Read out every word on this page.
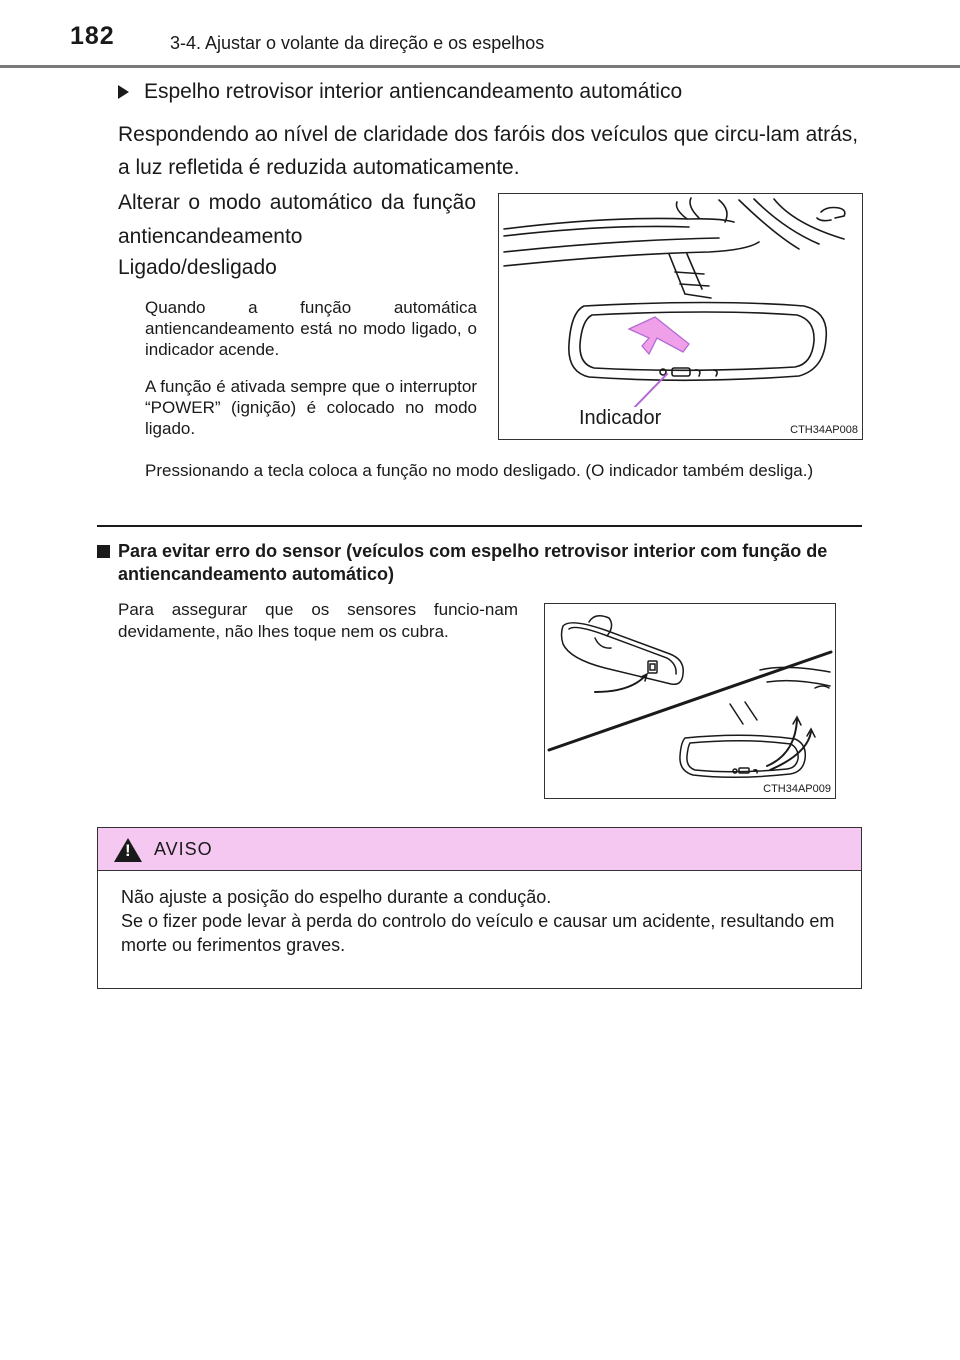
182	3-4. Ajustar o volante da direção e os espelhos
Espelho retrovisor interior antiencandeamento automático
Respondendo ao nível de claridade dos faróis dos veículos que circu-lam atrás, a luz refletida é reduzida automaticamente.
Alterar o modo automático da função antiencandeamento
Ligado/desligado
Quando a função automática antiencandeamento está no modo ligado, o indicador acende.
A função é ativada sempre que o interruptor “POWER” (ignição) é colocado no modo ligado.
Pressionando a tecla coloca a função no modo desligado. (O indicador também desliga.)
Indicador
CTH34AP008
Para evitar erro do sensor (veículos com espelho retrovisor interior com função de antiencandeamento automático)
Para assegurar que os sensores funcio-nam devidamente, não lhes toque nem os cubra.
CTH34AP009
! AVISO
Não ajuste a posição do espelho durante a condução.
Se o fizer pode levar à perda do controlo do veículo e causar um acidente, resultando em morte ou ferimentos graves.
